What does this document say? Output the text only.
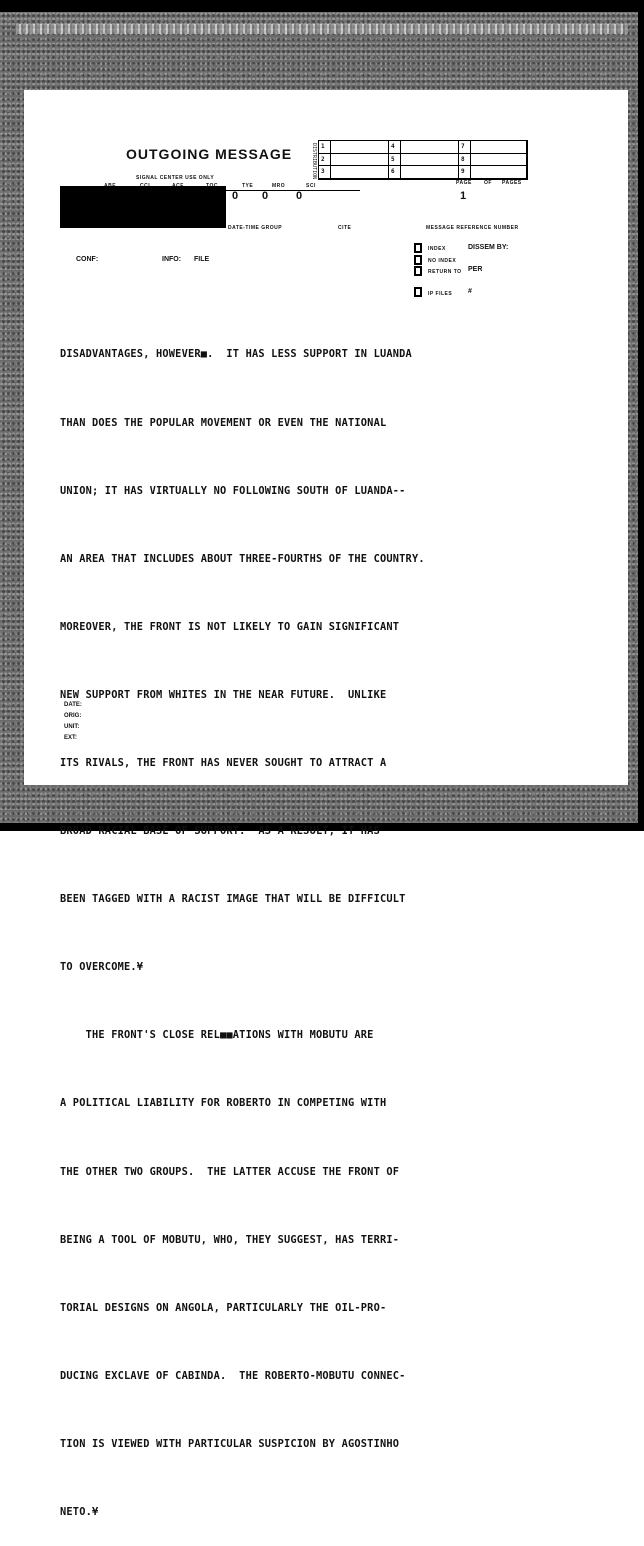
OUTGOING MESSAGE	DISTRIBUTION 1	4	7
2	5	8
3	6	9
SIGNAL CENTER USE ONLY
TYE	MRO	SCI	PAGE OF PAGES
0 0	0	1
DATE-TIME GROUP	CITE	MESSAGE REFERENCE NUMBER
CONF:	INFO: FILE
INDEX
NO INDEX
RETURN TO
IP FILES
DISSEM BY:
PER
#

DISADVANTAGES, HOWEVER■.  IT HAS LESS SUPPORT IN LUANDA

THAN DOES THE POPULAR MOVEMENT OR EVEN THE NATIONAL

UNION; IT HAS VIRTUALLY NO FOLLOWING SOUTH OF LUANDA--

AN AREA THAT INCLUDES ABOUT THREE-FOURTHS OF THE COUNTRY.

MOREOVER, THE FRONT IS NOT LIKELY TO GAIN SIGNIFICANT

NEW SUPPORT FROM WHITES IN THE NEAR FUTURE.  UNLIKE

ITS RIVALS, THE FRONT HAS NEVER SOUGHT TO ATTRACT A

BROAD RACIAL BASE OF SUPPORT.  AS A RESULT, IT HAS

BEEN TAGGED WITH A RACIST IMAGE THAT WILL BE DIFFICULT

TO OVERCOME.¥

THE FRONT'S CLOSE REL■■ATIONS WITH MOBUTU ARE

A POLITICAL LIABILITY FOR ROBERTO IN COMPETING WITH

THE OTHER TWO GROUPS.  THE LATTER ACCUSE THE FRONT OF

BEING A TOOL OF MOBUTU, WHO, THEY SUGGEST, HAS TERRI-

TORIAL DESIGNS ON ANGOLA, PARTICULARLY THE OIL-PRO-

DUCING EXCLAVE OF CABINDA.  THE ROBERTO-MOBUTU CONNEC-

TION IS VIEWED WITH PARTICULAR SUSPICION BY AGOSTINHO

NETO.¥

DATE:
ORIG:
UNIT:
EXT:
